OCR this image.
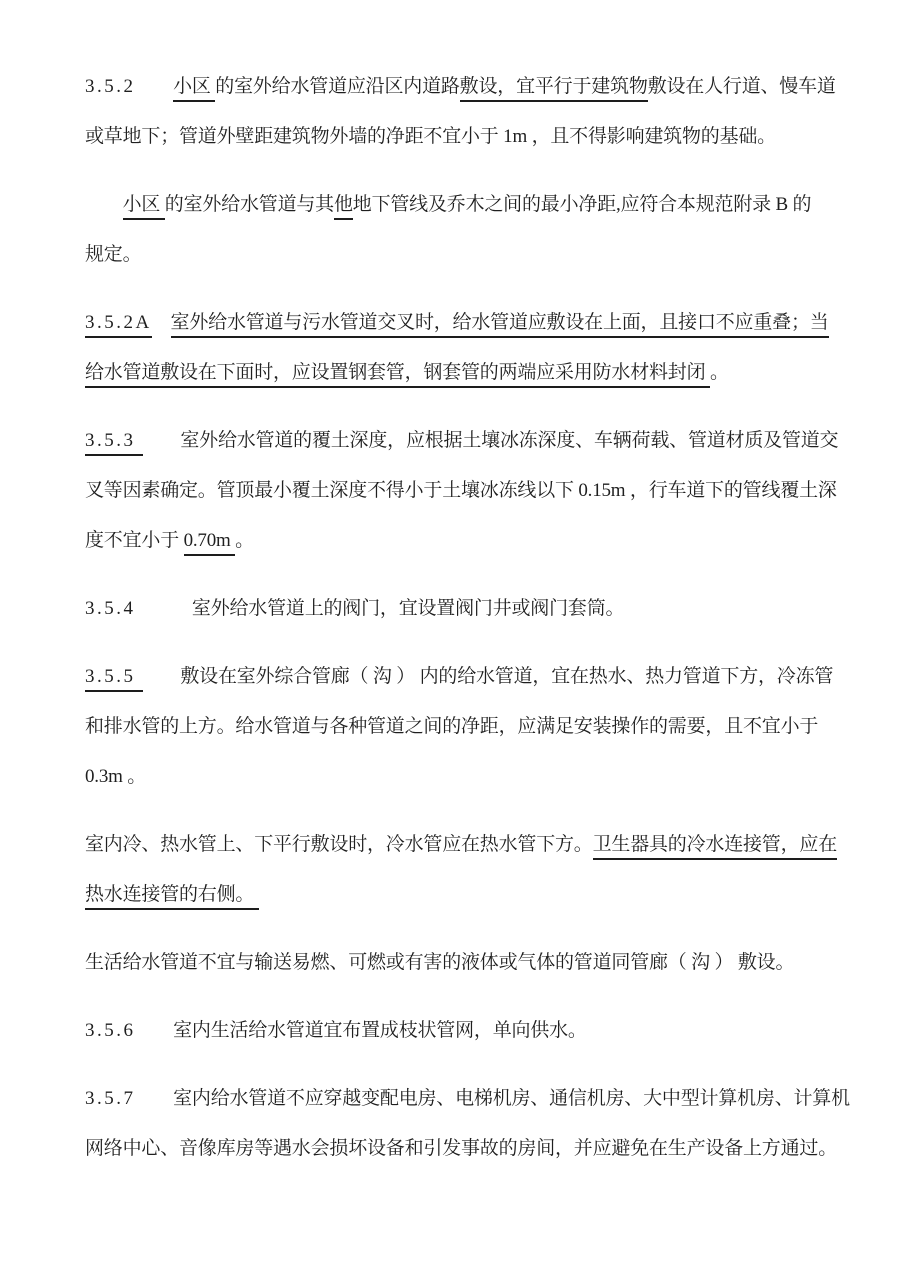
3.5.2　　 小区 的室外给水管道应沿区内道路敷设，宜平行于建筑物敷设在人行道、慢车道
或草地下；管道外壁距建筑物外墙的净距不宜小于 1m ，且不得影响建筑物的基础。
　　小区 的室外给水管道与其他地下管线及乔木之间的最小净距,应符合本规范附录 B 的
规定。
3.5.2A　 室外给水管道与污水管道交叉时，给水管道应敷设在上面，且接口不应重叠；当
给水管道敷设在下面时，应设置钢套管，钢套管的两端应采用防水材料封闭 。
3.5.3 　　室外给水管道的覆土深度，应根据土壤冰冻深度、车辆荷载、管道材质及管道交
叉等因素确定。管顶最小覆土深度不得小于土壤冰冻线以下 0.15m ，行车道下的管线覆土深
度不宜小于 0.70m 。
3.5.4　　　	室外给水管道上的阀门，宜设置阀门井或阀门套筒。
3.5.5 　　敷设在室外综合管廊（ 沟 ） 内的给水管道，宜在热水、热力管道下方，冷冻管
和排水管的上方。给水管道与各种管道之间的净距，应满足安装操作的需要，且不宜小于
0.3m 。
室内冷、热水管上、下平行敷设时，冷水管应在热水管下方。卫生器具的冷水连接管，应在
热水连接管的右侧。
生活给水管道不宜与输送易燃、可燃或有害的液体或气体的管道同管廊（ 沟 ） 敷设。
3.5.6　　 室内生活给水管道宜布置成枝状管网，单向供水。
3.5.7　　 室内给水管道不应穿越变配电房、电梯机房、通信机房、大中型计算机房、计算机
网络中心、音像库房等遇水会损坏设备和引发事故的房间，并应避免在生产设备上方通过。
